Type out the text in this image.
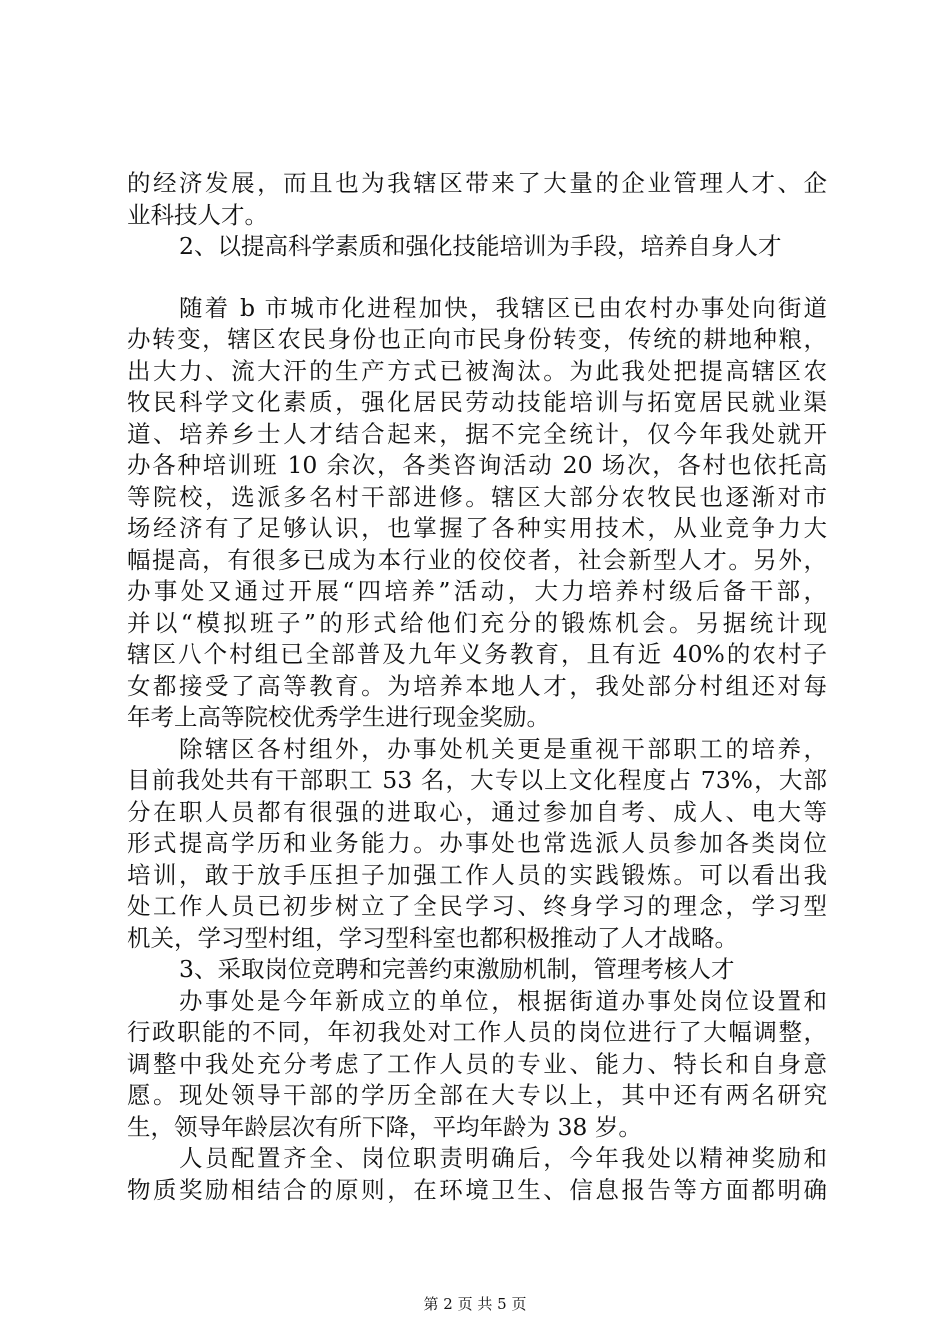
的经济发展，而且也为我辖区带来了大量的企业管理人才、企
业科技人才。
2、以提高科学素质和强化技能培训为手段，培养自身人才
随着 b 市城市化进程加快，我辖区已由农村办事处向街道
办转变，辖区农民身份也正向市民身份转变，传统的耕地种粮，
出大力、流大汗的生产方式已被淘汰。为此我处把提高辖区农
牧民科学文化素质，强化居民劳动技能培训与拓宽居民就业渠
道、培养乡士人才结合起来，据不完全统计，仅今年我处就开
办各种培训班 10 余次，各类咨询活动 20 场次，各村也依托高
等院校，选派多名村干部进修。辖区大部分农牧民也逐渐对市
场经济有了足够认识，也掌握了各种实用技术，从业竞争力大
幅提高，有很多已成为本行业的佼佼者，社会新型人才。另外，
办事处又通过开展“四培养”活动，大力培养村级后备干部，
并以“模拟班子”的形式给他们充分的锻炼机会。另据统计现
辖区八个村组已全部普及九年义务教育，且有近 40%的农村子
女都接受了高等教育。为培养本地人才，我处部分村组还对每
年考上高等院校优秀学生进行现金奖励。
除辖区各村组外，办事处机关更是重视干部职工的培养，
目前我处共有干部职工 53 名，大专以上文化程度占 73%，大部
分在职人员都有很强的进取心，通过参加自考、成人、电大等
形式提高学历和业务能力。办事处也常选派人员参加各类岗位
培训，敢于放手压担子加强工作人员的实践锻炼。可以看出我
处工作人员已初步树立了全民学习、终身学习的理念，学习型
机关，学习型村组，学习型科室也都积极推动了人才战略。
3、采取岗位竞聘和完善约束激励机制，管理考核人才
办事处是今年新成立的单位，根据街道办事处岗位设置和
行政职能的不同，年初我处对工作人员的岗位进行了大幅调整，
调整中我处充分考虑了工作人员的专业、能力、特长和自身意
愿。现处领导干部的学历全部在大专以上，其中还有两名研究
生，领导年龄层次有所下降，平均年龄为 38 岁。
人员配置齐全、岗位职责明确后，今年我处以精神奖励和
物质奖励相结合的原则，在环境卫生、信息报告等方面都明确
第 2 页 共 5 页
